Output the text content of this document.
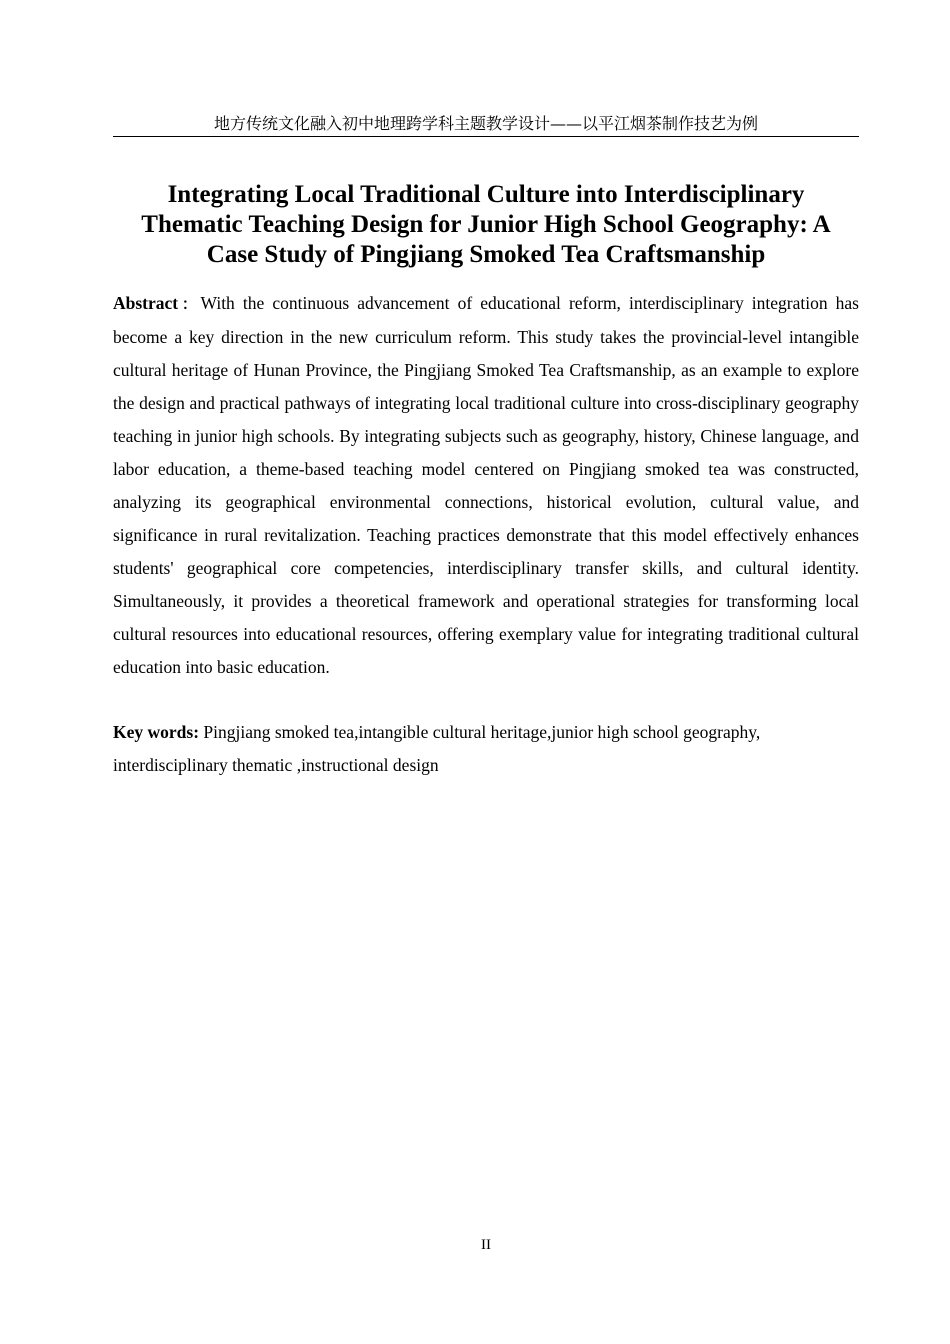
地方传统文化融入初中地理跨学科主题教学设计——以平江烟茶制作技艺为例
Integrating Local Traditional Culture into Interdisciplinary
Thematic Teaching Design for Junior High School Geography: A
Case Study of Pingjiang Smoked Tea Craftsmanship

Abstract：With the continuous advancement of educational reform, interdisciplinary integration has become a key direction in the new curriculum reform. This study takes the provincial-level intangible cultural heritage of Hunan Province, the Pingjiang Smoked Tea Craftsmanship, as an example to explore the design and practical pathways of integrating local traditional culture into cross-disciplinary geography teaching in junior high schools. By integrating subjects such as geography, history, Chinese language, and labor education, a theme-based teaching model centered on Pingjiang smoked tea was constructed, analyzing its geographical environmental connections, historical evolution, cultural value, and significance in rural revitalization. Teaching practices demonstrate that this model effectively enhances students' geographical core competencies, interdisciplinary transfer skills, and cultural identity. Simultaneously, it provides a theoretical framework and operational strategies for transforming local cultural resources into educational resources, offering exemplary value for integrating traditional cultural education into basic education.

Key words: Pingjiang smoked tea,intangible cultural heritage,junior high school geography,
interdisciplinary thematic ,instructional design

II
